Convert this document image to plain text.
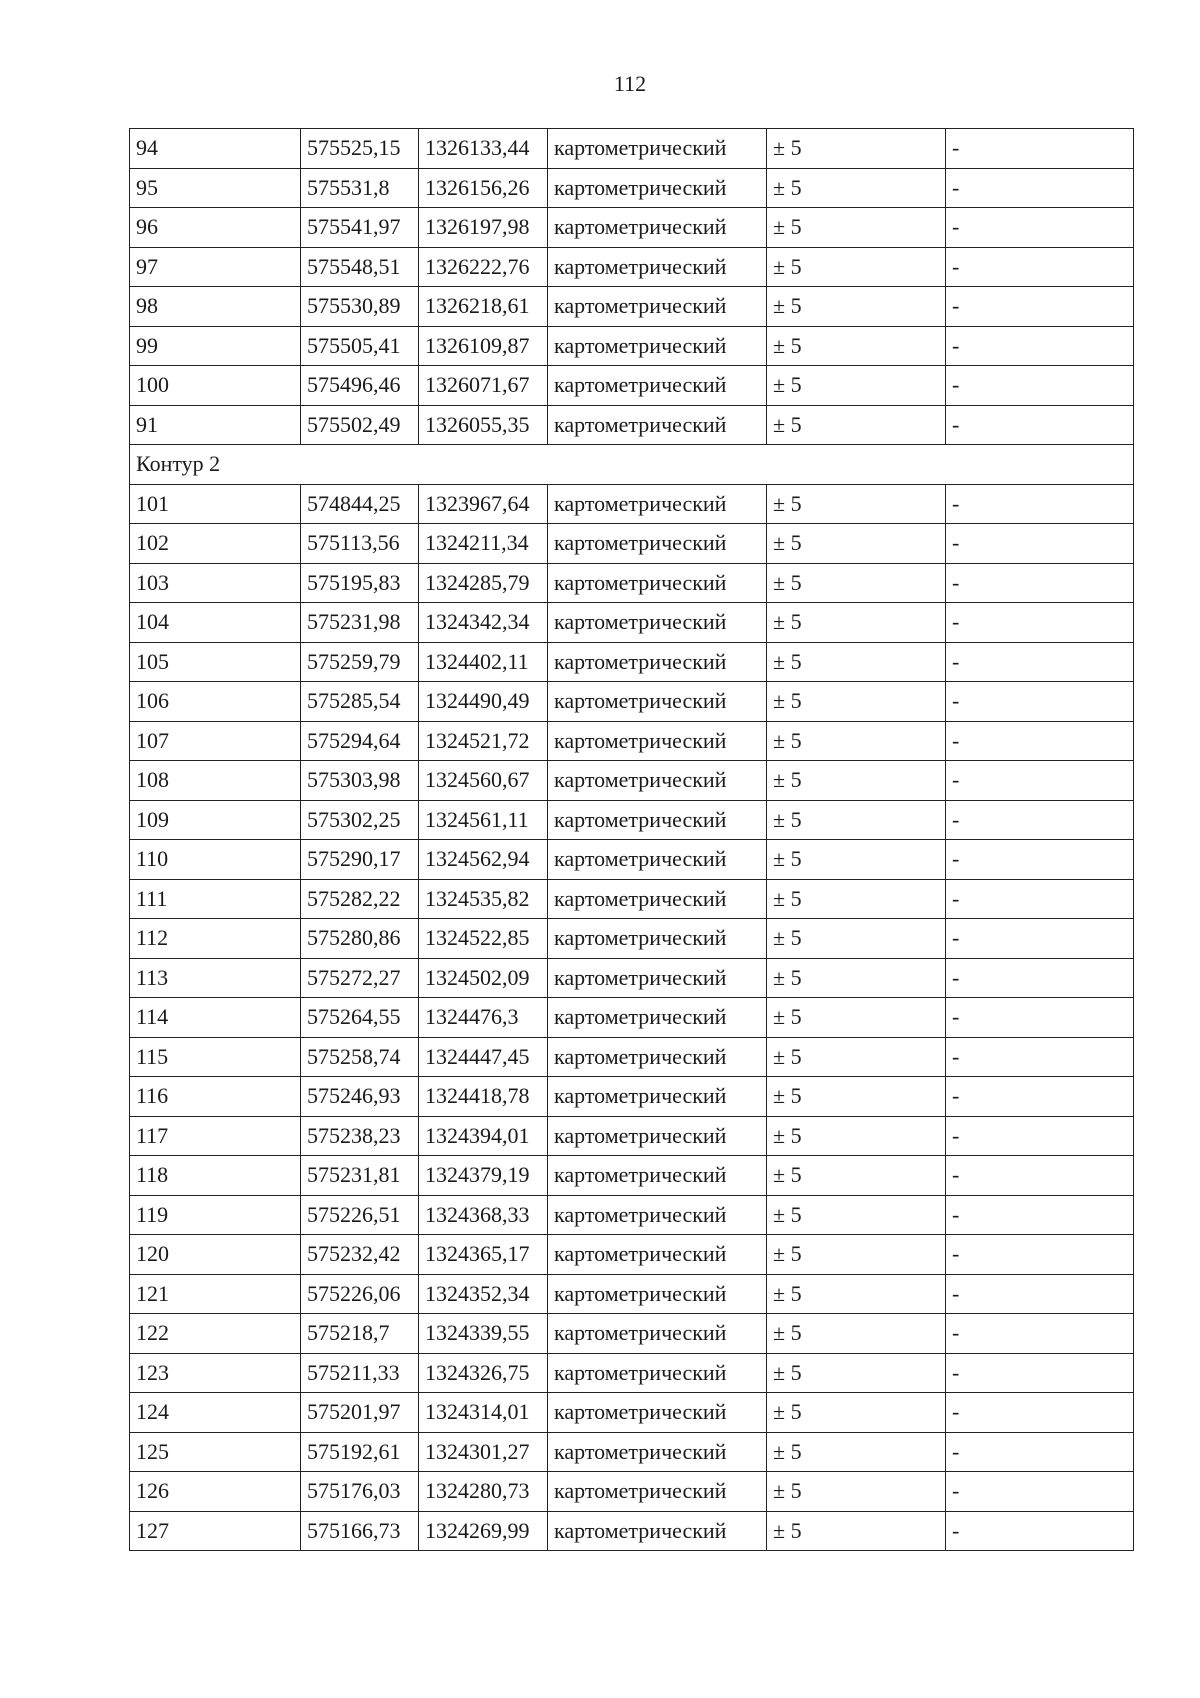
112
94	575525,15	1326133,44	картометрический	± 5	-
95	575531,8	1326156,26	картометрический	± 5	-
96	575541,97	1326197,98	картометрический	± 5	-
97	575548,51	1326222,76	картометрический	± 5	-
98	575530,89	1326218,61	картометрический	± 5	-
99	575505,41	1326109,87	картометрический	± 5	-
100	575496,46	1326071,67	картометрический	± 5	-
91	575502,49	1326055,35	картометрический	± 5	-
Контур 2					
101	574844,25	1323967,64	картометрический	± 5	-
102	575113,56	1324211,34	картометрический	± 5	-
103	575195,83	1324285,79	картометрический	± 5	-
104	575231,98	1324342,34	картометрический	± 5	-
105	575259,79	1324402,11	картометрический	± 5	-
106	575285,54	1324490,49	картометрический	± 5	-
107	575294,64	1324521,72	картометрический	± 5	-
108	575303,98	1324560,67	картометрический	± 5	-
109	575302,25	1324561,11	картометрический	± 5	-
110	575290,17	1324562,94	картометрический	± 5	-
111	575282,22	1324535,82	картометрический	± 5	-
112	575280,86	1324522,85	картометрический	± 5	-
113	575272,27	1324502,09	картометрический	± 5	-
114	575264,55	1324476,3	картометрический	± 5	-
115	575258,74	1324447,45	картометрический	± 5	-
116	575246,93	1324418,78	картометрический	± 5	-
117	575238,23	1324394,01	картометрический	± 5	-
118	575231,81	1324379,19	картометрический	± 5	-
119	575226,51	1324368,33	картометрический	± 5	-
120	575232,42	1324365,17	картометрический	± 5	-
121	575226,06	1324352,34	картометрический	± 5	-
122	575218,7	1324339,55	картометрический	± 5	-
123	575211,33	1324326,75	картометрический	± 5	-
124	575201,97	1324314,01	картометрический	± 5	-
125	575192,61	1324301,27	картометрический	± 5	-
126	575176,03	1324280,73	картометрический	± 5	-
127	575166,73	1324269,99	картометрический	± 5	-
